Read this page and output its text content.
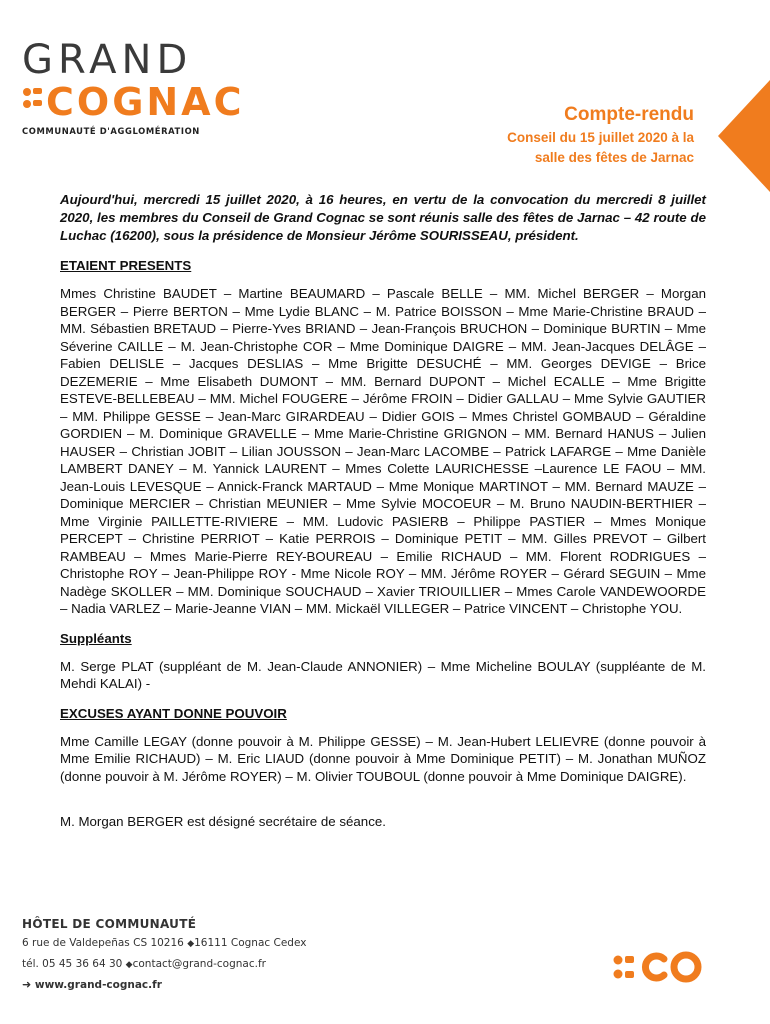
GRAND
COGNAC
COMMUNAUTÉ D'AGGLOMÉRATION
Compte-rendu
Conseil du 15 juillet 2020 à la
salle des fêtes de Jarnac

Aujourd'hui, mercredi 15 juillet 2020, à 16 heures, en vertu de la convocation du mercredi 8 juillet 2020, les membres du Conseil de Grand Cognac se sont réunis salle des fêtes de Jarnac – 42 route de Luchac (16200), sous la présidence de Monsieur Jérôme SOURISSEAU, président.

ETAIENT PRESENTS

Mmes Christine BAUDET – Martine BEAUMARD – Pascale BELLE – MM. Michel BERGER – Morgan BERGER – Pierre BERTON – Mme Lydie BLANC – M. Patrice BOISSON – Mme Marie-Christine BRAUD – MM. Sébastien BRETAUD – Pierre-Yves BRIAND – Jean-François BRUCHON – Dominique BURTIN – Mme Séverine CAILLE – M. Jean-Christophe COR – Mme Dominique DAIGRE – MM. Jean-Jacques DELÂGE – Fabien DELISLE – Jacques DESLIAS – Mme Brigitte DESUCHÉ – MM. Georges DEVIGE – Brice DEZEMERIE – Mme Elisabeth DUMONT – MM. Bernard DUPONT – Michel ECALLE – Mme Brigitte ESTEVE-BELLEBEAU – MM. Michel FOUGERE – Jérôme FROIN – Didier GALLAU – Mme Sylvie GAUTIER – MM. Philippe GESSE – Jean-Marc GIRARDEAU – Didier GOIS – Mmes Christel GOMBAUD – Géraldine GORDIEN – M. Dominique GRAVELLE – Mme Marie-Christine GRIGNON – MM. Bernard HANUS – Julien HAUSER – Christian JOBIT – Lilian JOUSSON – Jean-Marc LACOMBE – Patrick LAFARGE – Mme Danièle LAMBERT DANEY – M. Yannick LAURENT – Mmes Colette LAURICHESSE –Laurence LE FAOU – MM. Jean-Louis LEVESQUE – Annick-Franck MARTAUD – Mme Monique MARTINOT – MM. Bernard MAUZE – Dominique MERCIER – Christian MEUNIER – Mme Sylvie MOCOEUR – M. Bruno NAUDIN-BERTHIER – Mme Virginie PAILLETTE-RIVIERE – MM. Ludovic PASIERB – Philippe PASTIER – Mmes Monique PERCEPT – Christine PERRIOT – Katie PERROIS – Dominique PETIT – MM. Gilles PREVOT – Gilbert RAMBEAU – Mmes Marie-Pierre REY-BOUREAU – Emilie RICHAUD – MM. Florent RODRIGUES – Christophe ROY – Jean-Philippe ROY - Mme Nicole ROY – MM. Jérôme ROYER – Gérard SEGUIN – Mme Nadège SKOLLER – MM. Dominique SOUCHAUD – Xavier TRIOUILLIER – Mmes Carole VANDEWOORDE – Nadia VARLEZ – Marie-Jeanne VIAN – MM. Mickaël VILLEGER – Patrice VINCENT – Christophe YOU.

Suppléants

M. Serge PLAT (suppléant de M. Jean-Claude ANNONIER) – Mme Micheline BOULAY (suppléante de M. Mehdi KALAI) -

EXCUSES AYANT DONNE POUVOIR

Mme Camille LEGAY (donne pouvoir à M. Philippe GESSE) – M. Jean-Hubert LELIEVRE (donne pouvoir à Mme Emilie RICHAUD) – M. Eric LIAUD (donne pouvoir à Mme Dominique PETIT) – M. Jonathan MUÑOZ (donne pouvoir à M. Jérôme ROYER) – M. Olivier TOUBOUL (donne pouvoir à Mme Dominique DAIGRE).

M. Morgan BERGER est désigné secrétaire de séance.

HÔTEL DE COMMUNAUTÉ
6 rue de Valdepeñas CS 10216 ◆16111 Cognac Cedex
tél. 05 45 36 64 30 ◆contact@grand-cognac.fr
➜ www.grand-cognac.fr
